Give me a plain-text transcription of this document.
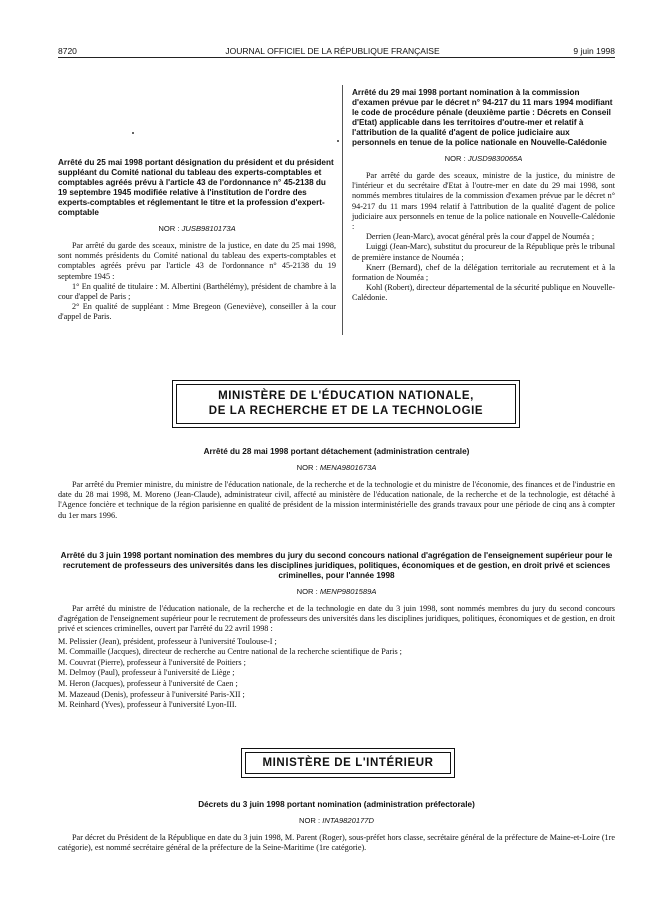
8720	JOURNAL OFFICIEL DE LA RÉPUBLIQUE FRANÇAISE	9 juin 1998
Arrêté du 25 mai 1998 portant désignation du président et du président suppléant du Comité national du tableau des experts-comptables et comptables agréés prévu à l'article 43 de l'ordonnance n° 45-2138 du 19 septembre 1945 modifiée relative à l'institution de l'ordre des experts-comptables et réglementant le titre et la profession d'expert-comptable
NOR : JUSB9810173A

Par arrêté du garde des sceaux, ministre de la justice, en date du 25 mai 1998, sont nommés présidents du Comité national du tableau des experts-comptables et comptables agréés prévu par l'article 43 de l'ordonnance n° 45-2138 du 19 septembre 1945 :

1° En qualité de titulaire : M. Albertini (Barthélémy), président de chambre à la cour d'appel de Paris ;

2° En qualité de suppléant : Mme Bregeon (Geneviève), conseiller à la cour d'appel de Paris.

Arrêté du 29 mai 1998 portant nomination à la commission d'examen prévue par le décret n° 94-217 du 11 mars 1994 modifiant le code de procédure pénale (deuxième partie : Décrets en Conseil d'Etat) applicable dans les territoires d'outre-mer et relatif à l'attribution de la qualité d'agent de police judiciaire aux personnels en tenue de la police nationale en Nouvelle-Calédonie
NOR : JUSD9830065A

Par arrêté du garde des sceaux, ministre de la justice, du ministre de l'intérieur et du secrétaire d'Etat à l'outre-mer en date du 29 mai 1998, sont nommés membres titulaires de la commission d'examen prévue par le décret n° 94-217 du 11 mars 1994 relatif à l'attribution de la qualité d'agent de police judiciaire aux personnels en tenue de la police nationale en Nouvelle-Calédonie :

Derrien (Jean-Marc), avocat général près la cour d'appel de Nouméa ;

Luiggi (Jean-Marc), substitut du procureur de la République près le tribunal de première instance de Nouméa ;

Knerr (Bernard), chef de la délégation territoriale au recrutement et à la formation de Nouméa ;

Kohl (Robert), directeur départemental de la sécurité publique en Nouvelle-Calédonie.

MINISTÈRE DE L'ÉDUCATION NATIONALE,
DE LA RECHERCHE ET DE LA TECHNOLOGIE
Arrêté du 28 mai 1998 portant détachement (administration centrale)
NOR : MENA9801673A

Par arrêté du Premier ministre, du ministre de l'éducation nationale, de la recherche et de la technologie et du ministre de l'économie, des finances et de l'industrie en date du 28 mai 1998, M. Moreno (Jean-Claude), administrateur civil, affecté au ministère de l'éducation nationale, de la recherche et de la technologie, est détaché à l'Agence foncière et technique de la région parisienne en qualité de président de la mission interministérielle des grands travaux pour une période de cinq ans à compter du 1er mars 1996.

Arrêté du 3 juin 1998 portant nomination des membres du jury du second concours national d'agrégation de l'enseignement supérieur pour le recrutement de professeurs des universités dans les disciplines juridiques, politiques, économiques et de gestion, en droit privé et sciences criminelles, pour l'année 1998
NOR : MENP9801589A

Par arrêté du ministre de l'éducation nationale, de la recherche et de la technologie en date du 3 juin 1998, sont nommés membres du jury du second concours d'agrégation de l'enseignement supérieur pour le recrutement de professeurs des universités dans les disciplines juridiques, politiques, économiques et de gestion, en droit privé et sciences criminelles, ouvert par l'arrêté du 22 avril 1998 :

M. Pelissier (Jean), président, professeur à l'université Toulouse-I ;
M. Commaille (Jacques), directeur de recherche au Centre national de la recherche scientifique de Paris ;
M. Couvrat (Pierre), professeur à l'université de Poitiers ;
M. Delmoy (Paul), professeur à l'université de Liège ;
M. Heron (Jacques), professeur à l'université de Caen ;
M. Mazeaud (Denis), professeur à l'université Paris-XII ;
M. Reinhard (Yves), professeur à l'université Lyon-III.
MINISTÈRE DE L'INTÉRIEUR
Décrets du 3 juin 1998 portant nomination (administration préfectorale)
NOR : INTA9820177D

Par décret du Président de la République en date du 3 juin 1998, M. Parent (Roger), sous-préfet hors classe, secrétaire général de la préfecture de Maine-et-Loire (1re catégorie), est nommé secrétaire général de la préfecture de la Seine-Maritime (1re catégorie).
